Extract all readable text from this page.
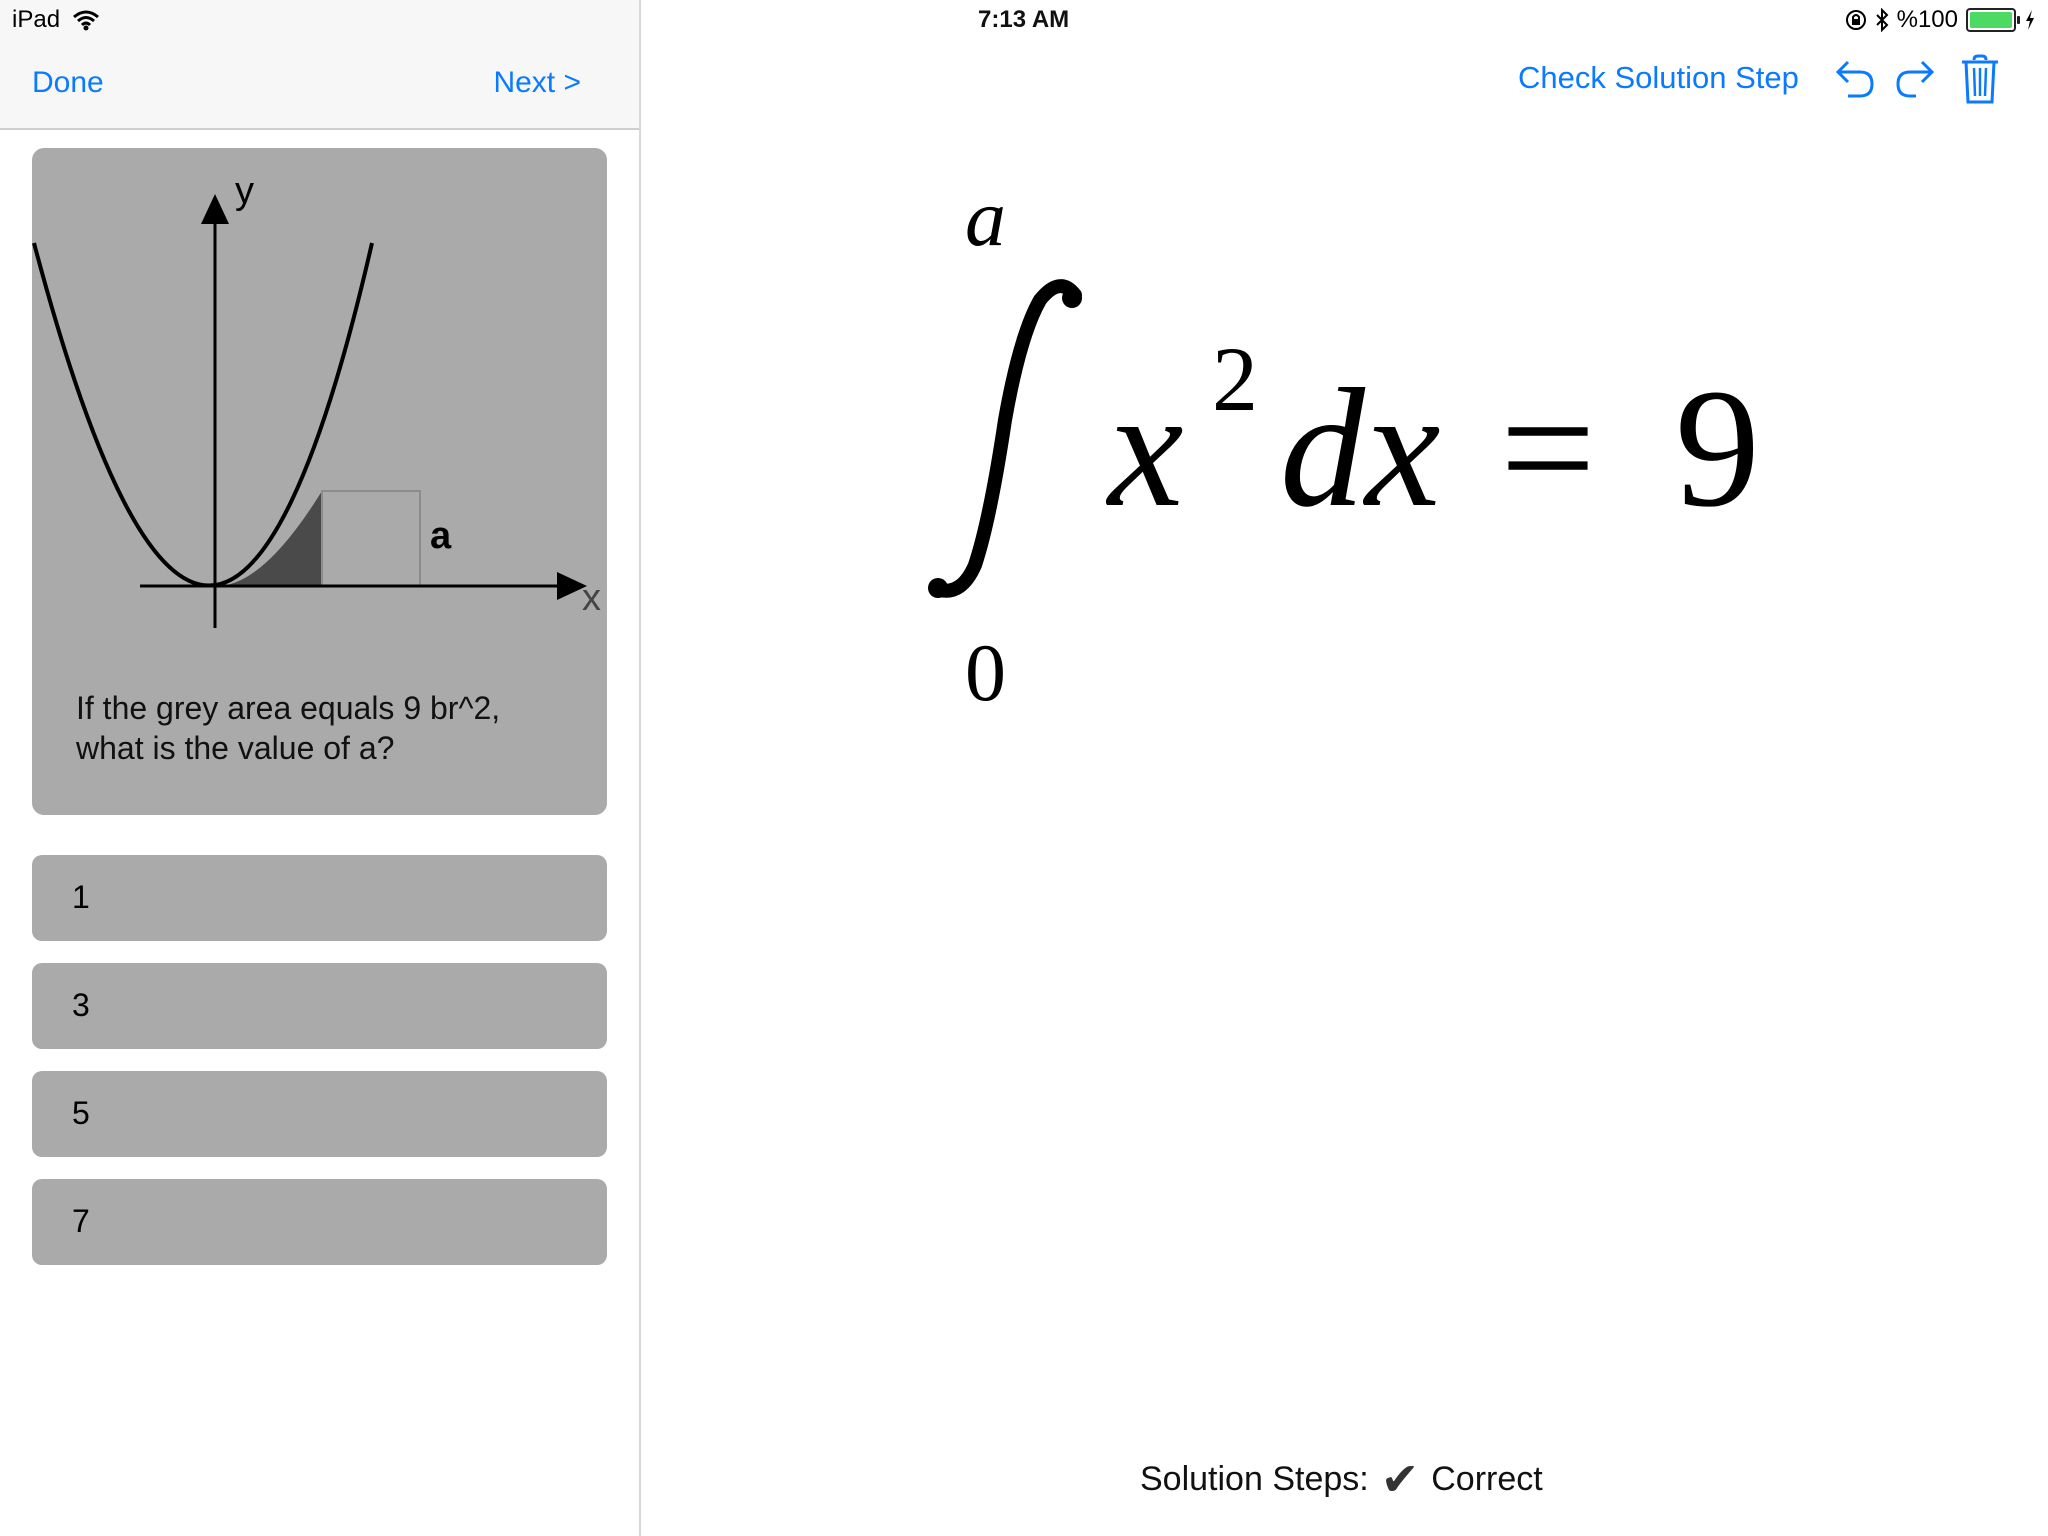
iPad
Done	Next >
y
x
a
If the grey area equals 9 br^2,
what is the value of a?
1
3
5
7
7:13 AM	%100
Check Solution Step
a
0
x 2 dx = 9
Solution Steps: ✔ Correct
